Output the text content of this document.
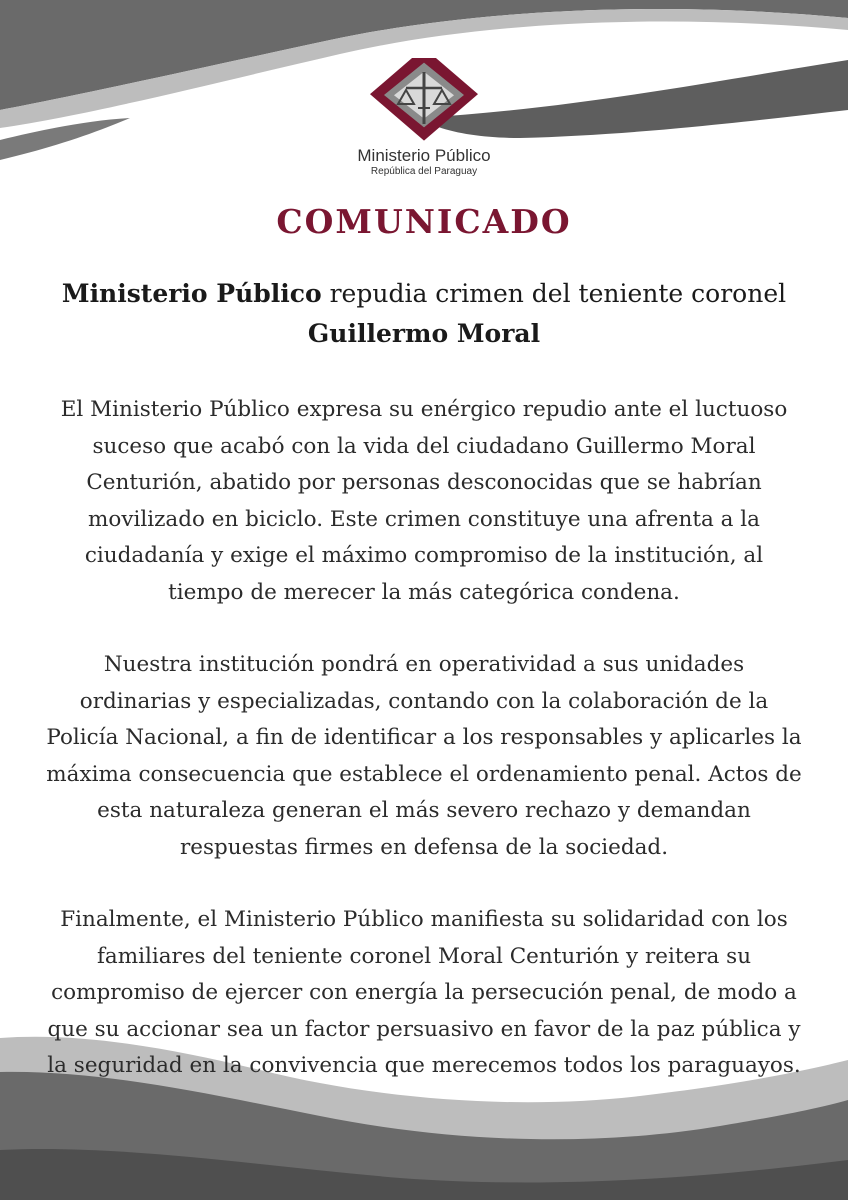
Ministerio Público
República del Paraguay
COMUNICADO
Ministerio Público repudia crimen del teniente coronel
Guillermo Moral

El Ministerio Público expresa su enérgico repudio ante el luctuoso suceso que acabó con la vida del ciudadano Guillermo Moral Centurión, abatido por personas desconocidas que se habrían movilizado en biciclo. Este crimen constituye una afrenta a la ciudadanía y exige el máximo compromiso de la institución, al tiempo de merecer la más categórica condena.

Nuestra institución pondrá en operatividad a sus unidades ordinarias y especializadas, contando con la colaboración de la Policía Nacional, a fin de identificar a los responsables y aplicarles la máxima consecuencia que establece el ordenamiento penal. Actos de esta naturaleza generan el más severo rechazo y demandan respuestas firmes en defensa de la sociedad.

Finalmente, el Ministerio Público manifiesta su solidaridad con los familiares del teniente coronel Moral Centurión y reitera su compromiso de ejercer con energía la persecución penal, de modo a que su accionar sea un factor persuasivo en favor de la paz pública y la seguridad en la convivencia que merecemos todos los paraguayos.
